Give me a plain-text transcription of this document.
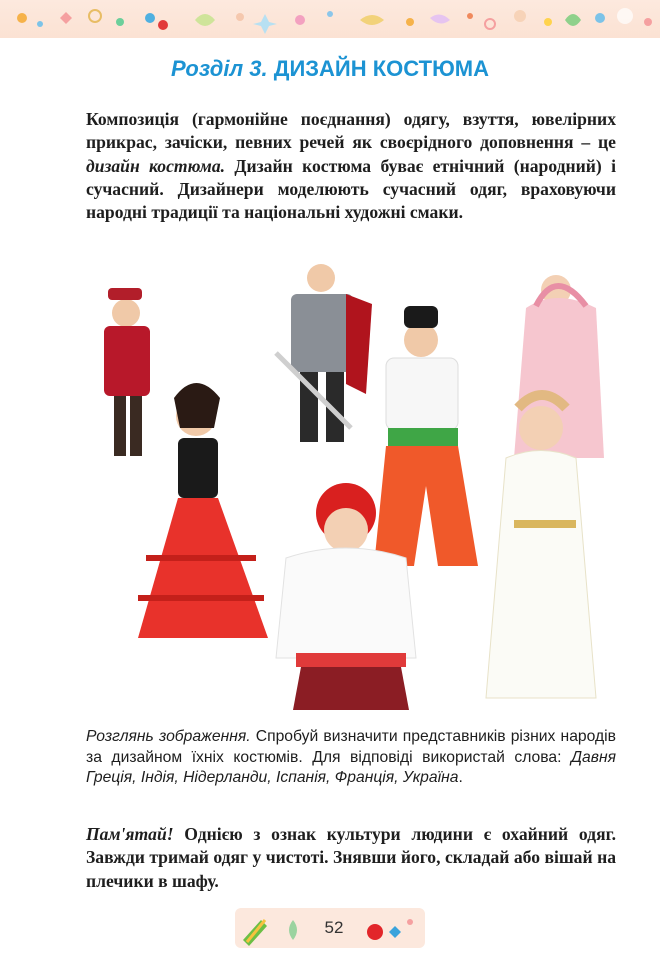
Розділ 3. ДИЗАЙН КОСТЮМА
Композиція (гармонійне поєднання) одягу, взуття, ювелірних прикрас, зачіски, певних речей як своєрідного доповнення – це дизайн костюма. Дизайн костюма буває етнічний (народний) і сучасний. Дизайнери моделюють сучасний одяг, враховуючи народні традиції та національні художні смаки.
Розглянь зображення. Спробуй визначити представників різних народів за дизайном їхніх костюмів. Для відповіді використай слова: Давня Греція, Індія, Нідерланди, Іспанія, Франція, Україна.
Пам'ятай! Однією з ознак культури людини є охайний одяг. Завжди тримай одяг у чистоті. Знявши його, складай або вішай на плечики в шафу.
52
